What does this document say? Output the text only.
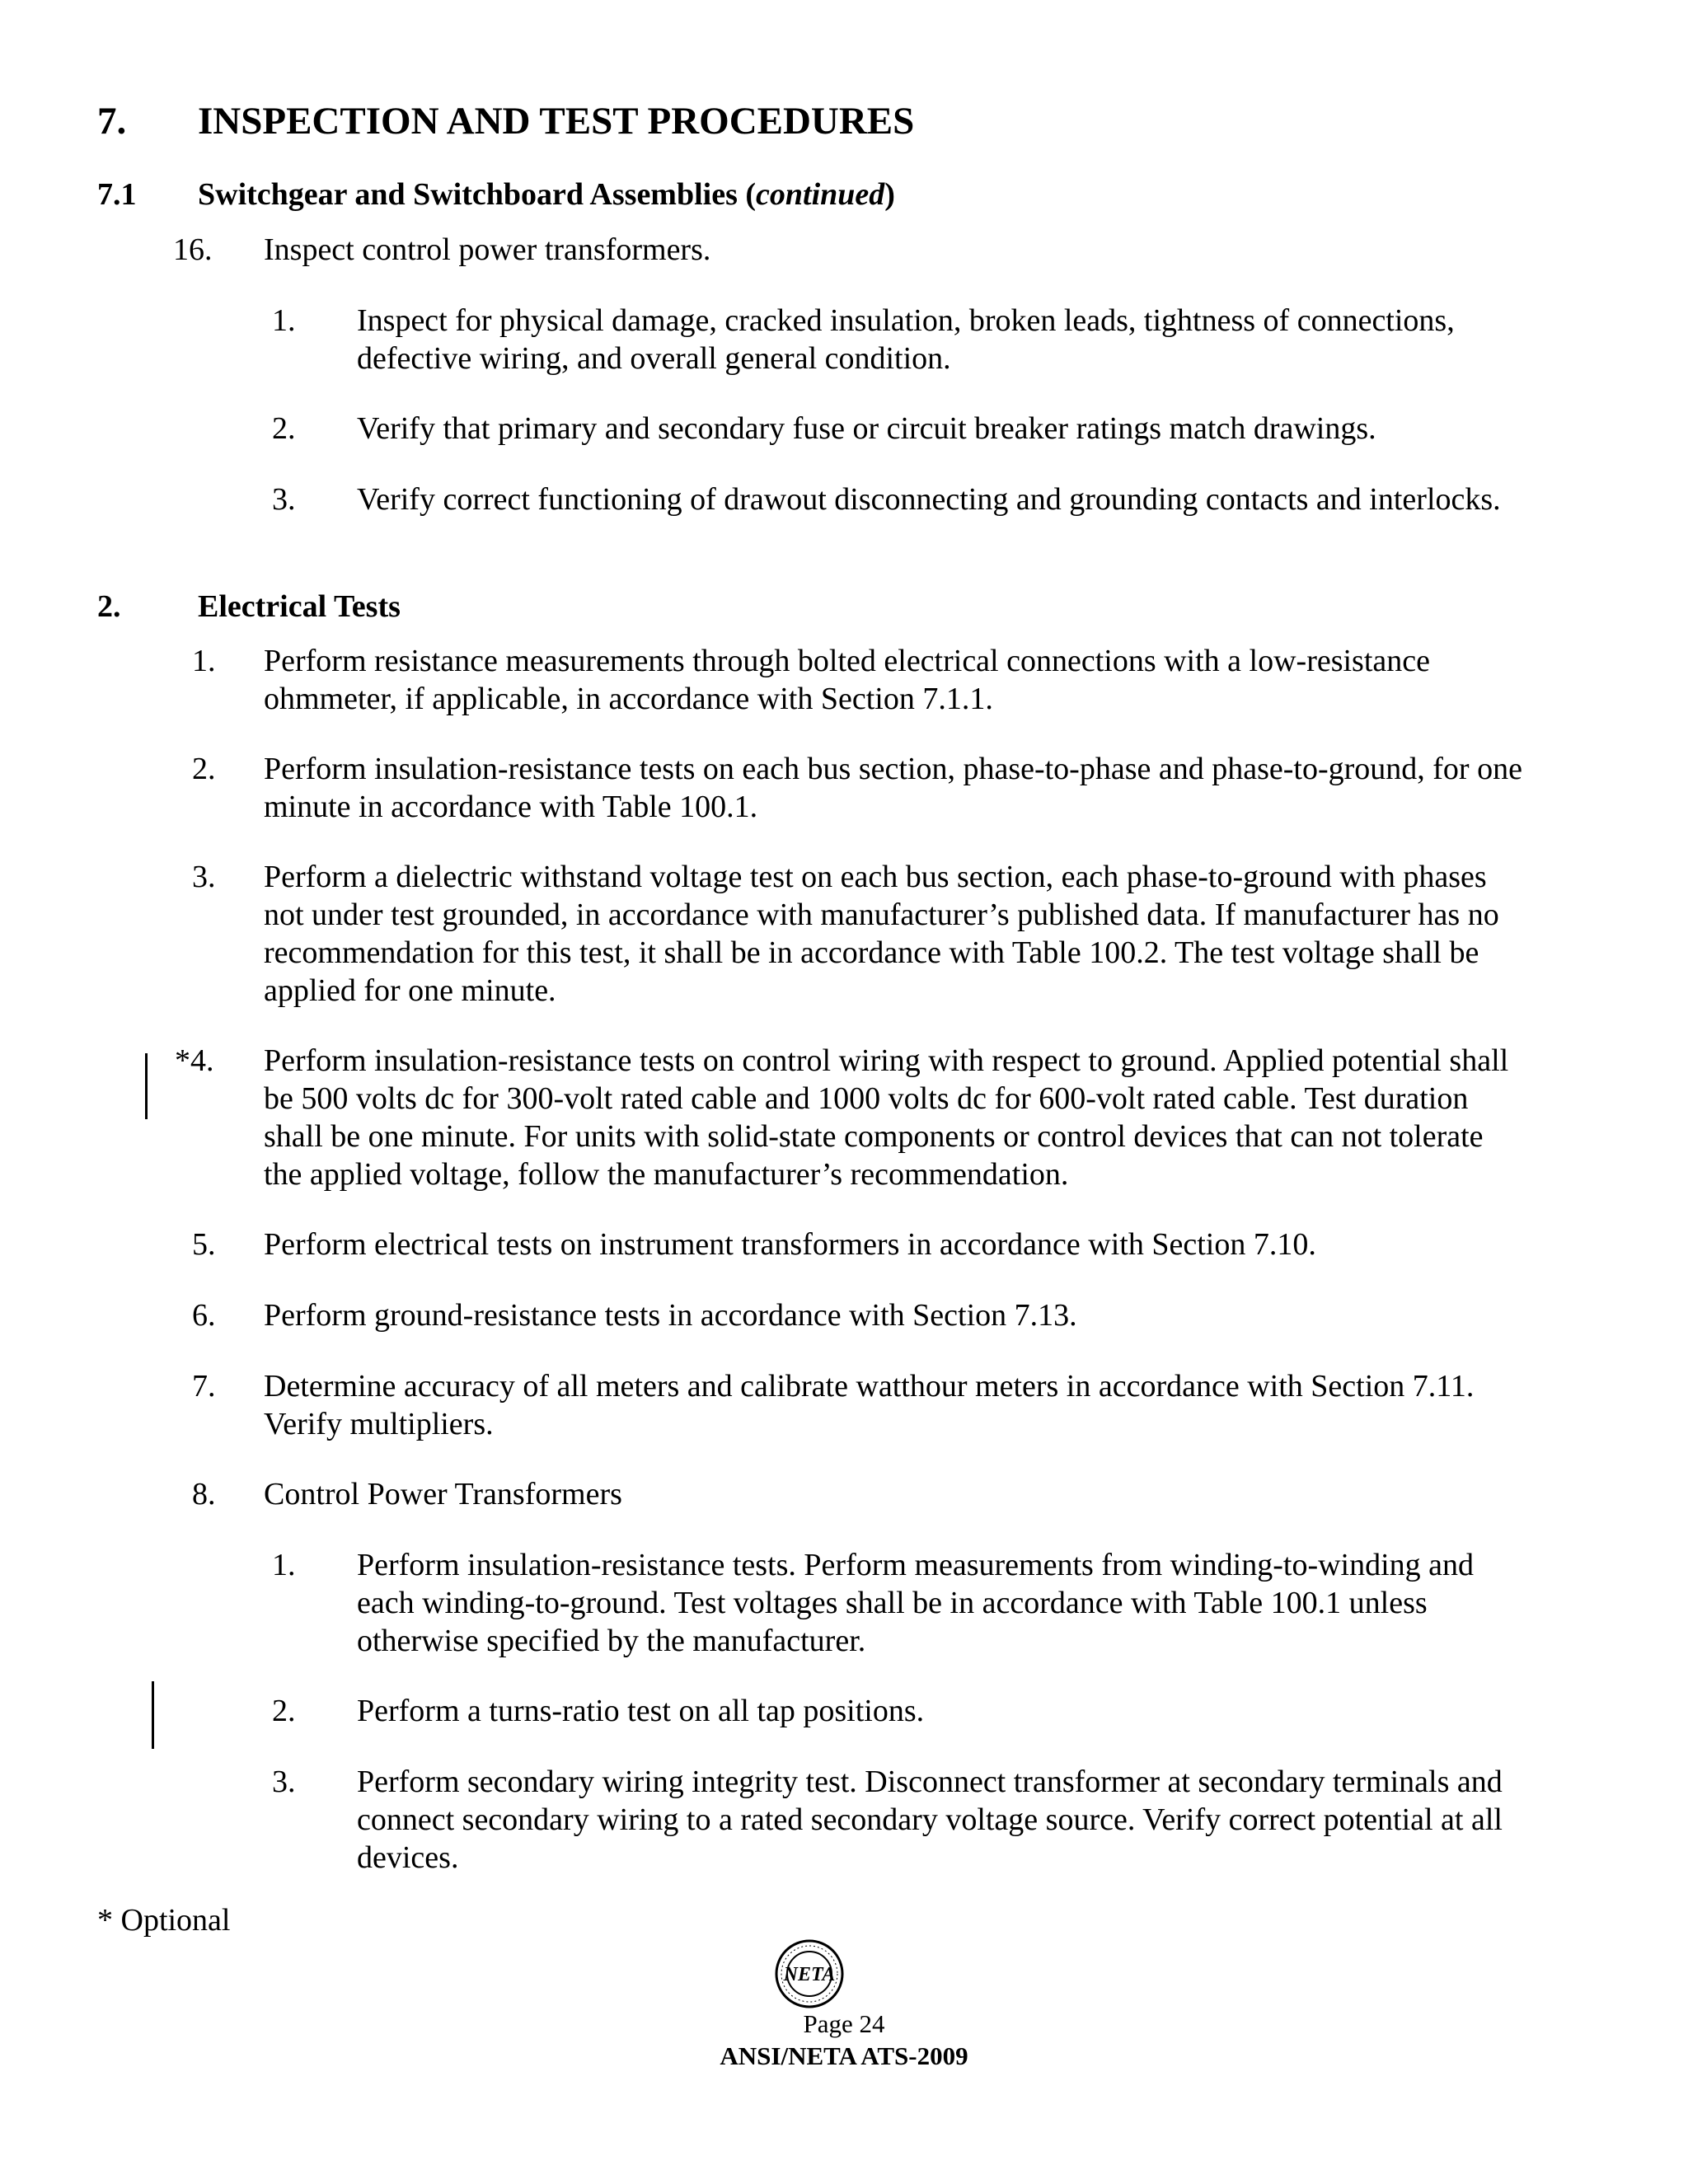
7. INSPECTION AND TEST PROCEDURES
7.1 Switchgear and Switchboard Assemblies (continued)
16. Inspect control power transformers.
1. Inspect for physical damage, cracked insulation, broken leads, tightness of connections, defective wiring, and overall general condition.
2. Verify that primary and secondary fuse or circuit breaker ratings match drawings.
3. Verify correct functioning of drawout disconnecting and grounding contacts and interlocks.
2. Electrical Tests
1. Perform resistance measurements through bolted electrical connections with a low-resistance ohmmeter, if applicable, in accordance with Section 7.1.1.
2. Perform insulation-resistance tests on each bus section, phase-to-phase and phase-to-ground, for one minute in accordance with Table 100.1.
3. Perform a dielectric withstand voltage test on each bus section, each phase-to-ground with phases not under test grounded, in accordance with manufacturer’s published data. If manufacturer has no recommendation for this test, it shall be in accordance with Table 100.2. The test voltage shall be applied for one minute.
*4. Perform insulation-resistance tests on control wiring with respect to ground. Applied potential shall be 500 volts dc for 300-volt rated cable and 1000 volts dc for 600-volt rated cable. Test duration shall be one minute. For units with solid-state components or control devices that can not tolerate the applied voltage, follow the manufacturer’s recommendation.
5. Perform electrical tests on instrument transformers in accordance with Section 7.10.
6. Perform ground-resistance tests in accordance with Section 7.13.
7. Determine accuracy of all meters and calibrate watthour meters in accordance with Section 7.11. Verify multipliers.
8. Control Power Transformers
1. Perform insulation-resistance tests. Perform measurements from winding-to-winding and each winding-to-ground. Test voltages shall be in accordance with Table 100.1 unless otherwise specified by the manufacturer.
2. Perform a turns-ratio test on all tap positions.
3. Perform secondary wiring integrity test. Disconnect transformer at secondary terminals and connect secondary wiring to a rated secondary voltage source. Verify correct potential at all devices.
* Optional
NETA
Page 24
ANSI/NETA ATS-2009
